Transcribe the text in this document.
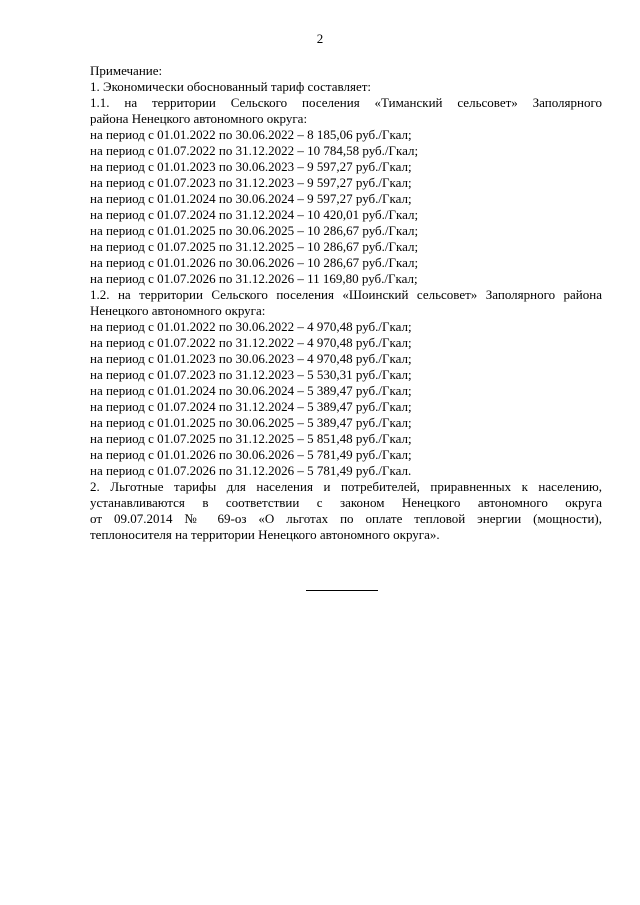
2
Примечание:
1. Экономически обоснованный тариф составляет:
1.1. на территории Сельского поселения «Тиманский сельсовет» Заполярного
района Ненецкого автономного округа:
на период с 01.01.2022 по 30.06.2022 – 8 185,06 руб./Гкал;
на период с 01.07.2022 по 31.12.2022 – 10 784,58 руб./Гкал;
на период с 01.01.2023 по 30.06.2023 – 9 597,27 руб./Гкал;
на период с 01.07.2023 по 31.12.2023 – 9 597,27 руб./Гкал;
на период с 01.01.2024 по 30.06.2024 – 9 597,27 руб./Гкал;
на период с 01.07.2024 по 31.12.2024 – 10 420,01 руб./Гкал;
на период с 01.01.2025 по 30.06.2025 – 10 286,67 руб./Гкал;
на период с 01.07.2025 по 31.12.2025 – 10 286,67 руб./Гкал;
на период с 01.01.2026 по 30.06.2026 – 10 286,67 руб./Гкал;
на период с 01.07.2026 по 31.12.2026 – 11 169,80 руб./Гкал;
1.2. на территории Сельского поселения «Шоинский сельсовет» Заполярного района
Ненецкого автономного округа:
на период с 01.01.2022 по 30.06.2022 – 4 970,48 руб./Гкал;
на период с 01.07.2022 по 31.12.2022 – 4 970,48 руб./Гкал;
на период с 01.01.2023 по 30.06.2023 – 4 970,48 руб./Гкал;
на период с 01.07.2023 по 31.12.2023 – 5 530,31 руб./Гкал;
на период с 01.01.2024 по 30.06.2024 – 5 389,47 руб./Гкал;
на период с 01.07.2024 по 31.12.2024 – 5 389,47 руб./Гкал;
на период с 01.01.2025 по 30.06.2025 – 5 389,47 руб./Гкал;
на период с 01.07.2025 по 31.12.2025 – 5 851,48 руб./Гкал;
на период с 01.01.2026 по 30.06.2026 – 5 781,49 руб./Гкал;
на период с 01.07.2026 по 31.12.2026 – 5 781,49 руб./Гкал.
2. Льготные тарифы для населения и потребителей, приравненных к населению,
устанавливаются в соответствии с законом Ненецкого автономного округа
от 09.07.2014 № 69-оз «О льготах по оплате тепловой энергии (мощности),
теплоносителя на территории Ненецкого автономного округа».
